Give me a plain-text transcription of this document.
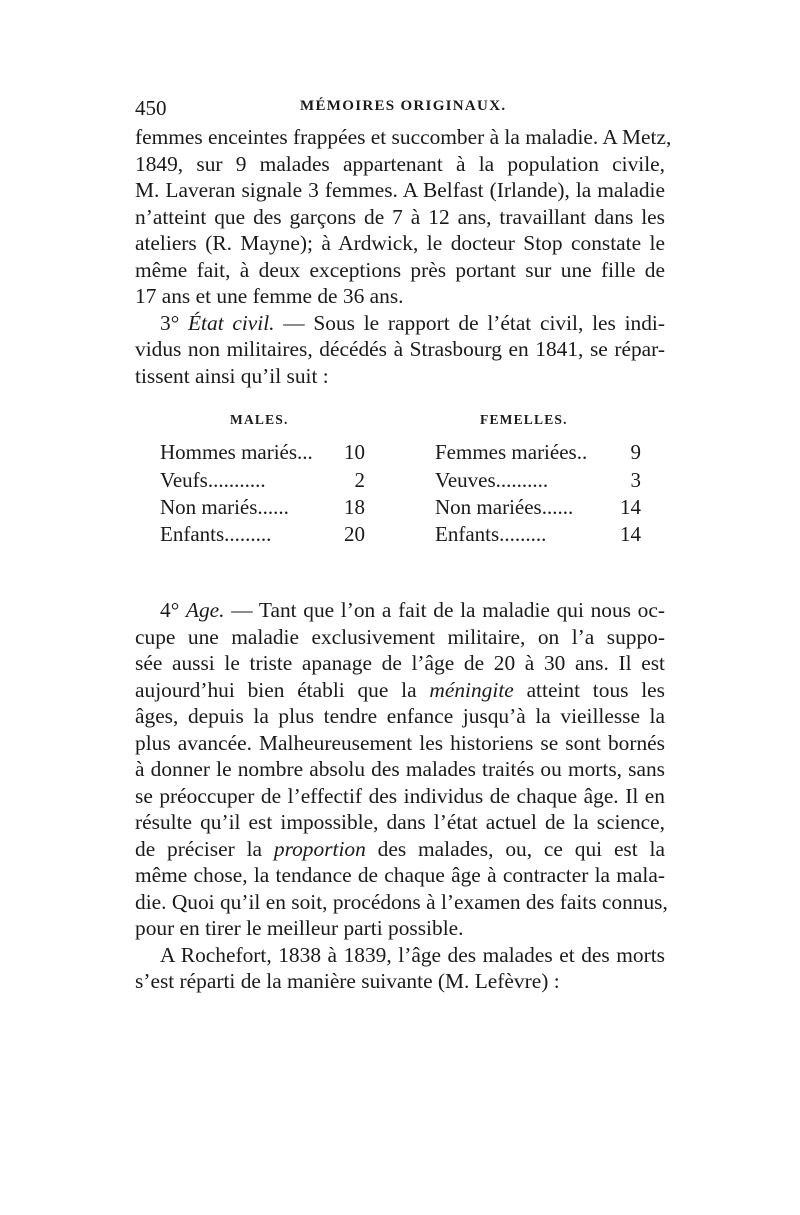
450	MÉMOIRES ORIGINAUX.

femmes enceintes frappées et succomber à la maladie. A Metz,
1849, sur 9 malades appartenant à la population civile,
M. Laveran signale 3 femmes. A Belfast (Irlande), la maladie
n’atteint que des garçons de 7 à 12 ans, travaillant dans les
ateliers (R. Mayne); à Ardwick, le docteur Stop constate le
même fait, à deux exceptions près portant sur une fille de
17 ans et une femme de 36 ans.

3° État civil. — Sous le rapport de l’état civil, les indi-
vidus non militaires, décédés à Strasbourg en 1841, se répar-
tissent ainsi qu’il suit :

MALES.	FEMELLES.
Hommes mariés...	10	Femmes mariées..	9
Veufs...........	2	Veuves..........	3
Non mariés......	18	Non mariées......	14
Enfants.........	20	Enfants.........	14

4° Age. — Tant que l’on a fait de la maladie qui nous oc-
cupe une maladie exclusivement militaire, on l’a suppo-
sée aussi le triste apanage de l’âge de 20 à 30 ans. Il est
aujourd’hui bien établi que la méningite atteint tous les
âges, depuis la plus tendre enfance jusqu’à la vieillesse la
plus avancée. Malheureusement les historiens se sont bornés
à donner le nombre absolu des malades traités ou morts, sans
se préoccuper de l’effectif des individus de chaque âge. Il en
résulte qu’il est impossible, dans l’état actuel de la science,
de préciser la proportion des malades, ou, ce qui est la
même chose, la tendance de chaque âge à contracter la mala-
die. Quoi qu’il en soit, procédons à l’examen des faits connus,
pour en tirer le meilleur parti possible.

A Rochefort, 1838 à 1839, l’âge des malades et des morts
s’est réparti de la manière suivante (M. Lefèvre) :
